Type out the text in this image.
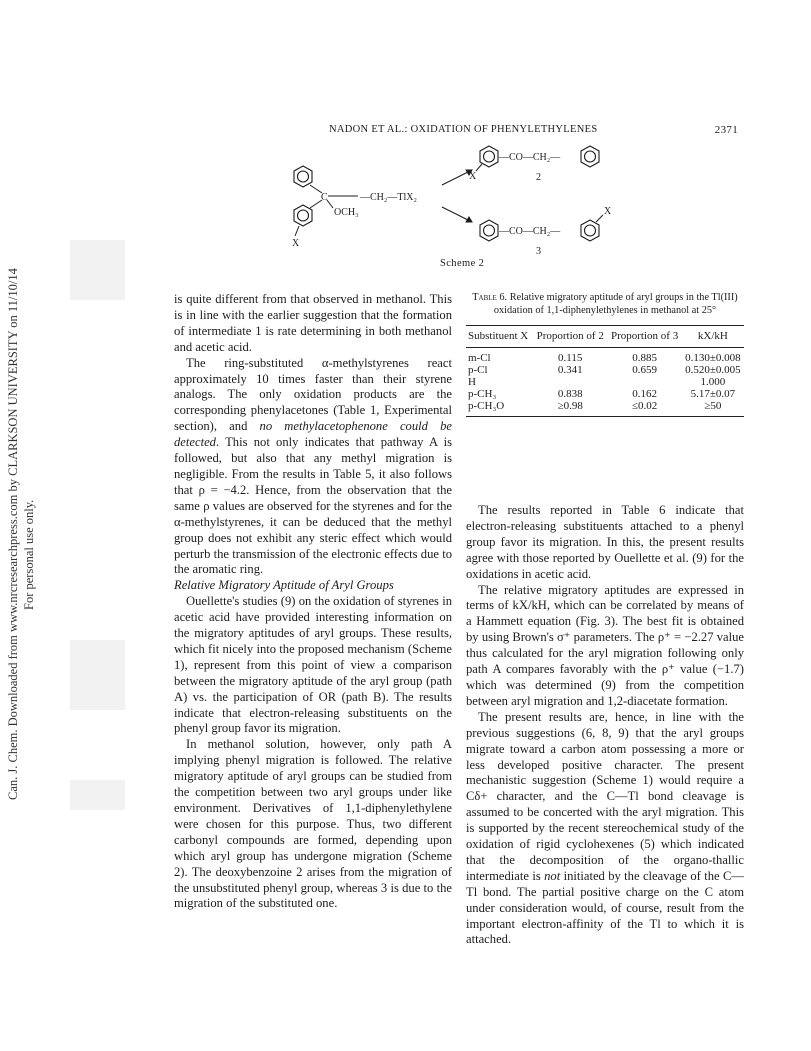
Can. J. Chem. Downloaded from www.nrcresearchpress.com by CLARKSON UNIVERSITY on 11/10/14 For personal use only.
NADON ET AL.: OXIDATION OF PHENYLETHYLENES	2371
C	—CH₂—TlX₂
OCH₃
X
—CO—CH₂—
X	2
—CO—CH₂—
X
3
Scheme 2

is quite different from that observed in methanol. This is in line with the earlier suggestion that the formation of intermediate 1 is rate determining in both methanol and acetic acid.

The ring-substituted α-methylstyrenes react approximately 10 times faster than their styrene analogs. The only oxidation products are the corresponding phenylacetones (Table 1, Experimental section), and no methylacetophenone could be detected. This not only indicates that pathway A is followed, but also that any methyl migration is negligible. From the results in Table 5, it also follows that ρ = −4.2. Hence, from the observation that the same ρ values are observed for the styrenes and for the α-methylstyrenes, it can be deduced that the methyl group does not exhibit any steric effect which would perturb the transmission of the electronic effects due to the aromatic ring.

Relative Migratory Aptitude of Aryl Groups

Ouellette's studies (9) on the oxidation of styrenes in acetic acid have provided interesting information on the migratory aptitudes of aryl groups. These results, which fit nicely into the proposed mechanism (Scheme 1), represent from this point of view a comparison between the migratory aptitude of the aryl group (path A) vs. the participation of OR (path B). The results indicate that electron-releasing substituents on the phenyl group favor its migration.

In methanol solution, however, only path A implying phenyl migration is followed. The relative migratory aptitude of aryl groups can be studied from the competition between two aryl groups under like environment. Derivatives of 1,1-diphenylethylene were chosen for this purpose. Thus, two different carbonyl compounds are formed, depending upon which aryl group has undergone migration (Scheme 2). The deoxybenzoine 2 arises from the migration of the unsubstituted phenyl group, whereas 3 is due to the migration of the substituted one.

Table 6. Relative migratory aptitude of aryl groups in the Tl(III) oxidation of 1,1-diphenylethylenes in methanol at 25°
Substituent X	Proportion of 2	Proportion of 3	kX/kH
m-Cl	0.115	0.885	0.130±0.008
p-Cl	0.341	0.659	0.520±0.005
H			1.000
p-CH₃	0.838	0.162	5.17±0.07
p-CH₃O	≥0.98	≤0.02	≥50

The results reported in Table 6 indicate that electron-releasing substituents attached to a phenyl group favor its migration. In this, the present results agree with those reported by Ouellette et al. (9) for the oxidations in acetic acid.

The relative migratory aptitudes are expressed in terms of kX/kH, which can be correlated by means of a Hammett equation (Fig. 3). The best fit is obtained by using Brown's σ⁺ parameters. The ρ⁺ = −2.27 value thus calculated for the aryl migration following only path A compares favorably with the ρ⁺ value (−1.7) which was determined (9) from the competition between aryl migration and 1,2-diacetate formation.

The present results are, hence, in line with the previous suggestions (6, 8, 9) that the aryl groups migrate toward a carbon atom possessing a more or less developed positive character. The present mechanistic suggestion (Scheme 1) would require a Cδ+ character, and the C—Tl bond cleavage is assumed to be concerted with the aryl migration. This is supported by the recent stereochemical study of the oxidation of rigid cyclohexenes (5) which indicated that the decomposition of the organo-thallic intermediate is not initiated by the cleavage of the C—Tl bond. The partial positive charge on the C atom under consideration would, of course, result from the important electron-affinity of the Tl to which it is attached.
